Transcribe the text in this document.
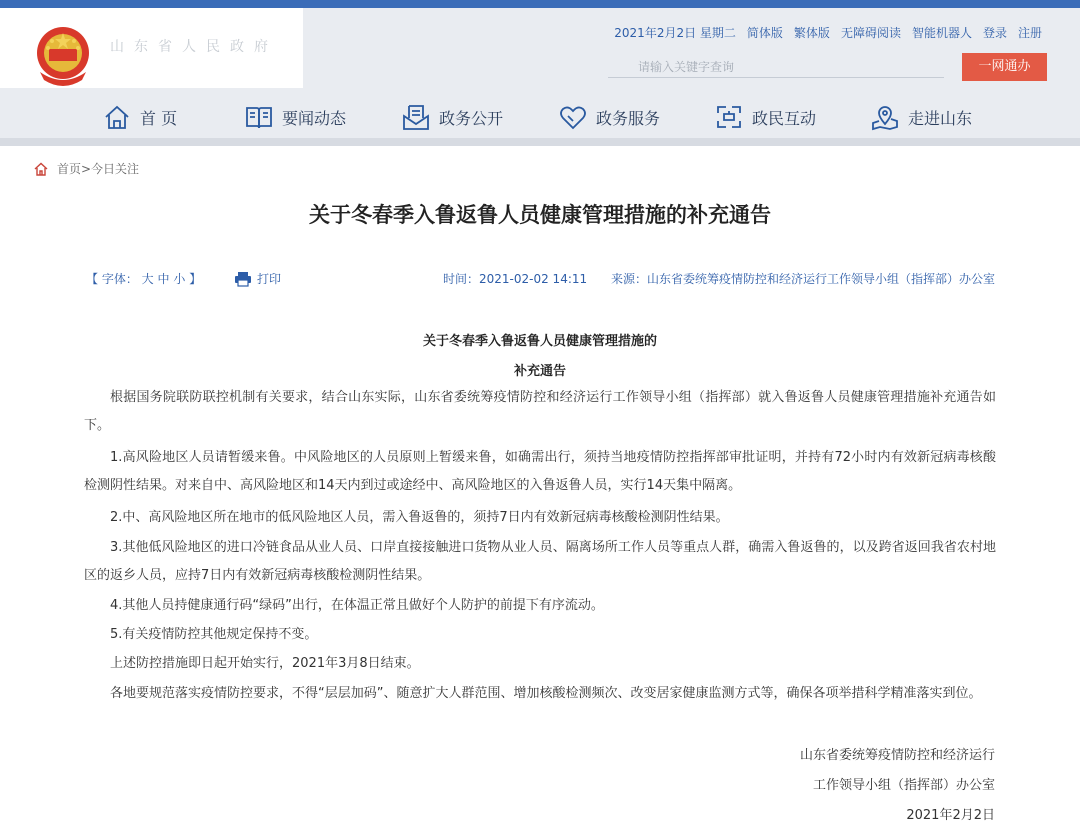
山东省人民政府
2021年2月2日 星期二 简体版 繁体版 无障碍阅读 智能机器人 登录 注册
请输入关键字查询
一网通办
首 页	要闻动态	政务公开	政务服务	政民互动	走进山东
首页>今日关注
关于冬春季入鲁返鲁人员健康管理措施的补充通告
【 字体： 大 中 小 】	打印	时间：2021-02-02 14:11 来源：山东省委统筹疫情防控和经济运行工作领导小组（指挥部）办公室
关于冬春季入鲁返鲁人员健康管理措施的
补充通告

根据国务院联防联控机制有关要求，结合山东实际，山东省委统筹疫情防控和经济运行工作领导小组（指挥部）就入鲁返鲁人员健康管理措施补充通告如下。

1.高风险地区人员请暂缓来鲁。中风险地区的人员原则上暂缓来鲁，如确需出行，须持当地疫情防控指挥部审批证明，并持有72小时内有效新冠病毒核酸检测阴性结果。对来自中、高风险地区和14天内到过或途经中、高风险地区的入鲁返鲁人员，实行14天集中隔离。

2.中、高风险地区所在地市的低风险地区人员，需入鲁返鲁的，须持7日内有效新冠病毒核酸检测阴性结果。

3.其他低风险地区的进口冷链食品从业人员、口岸直接接触进口货物从业人员、隔离场所工作人员等重点人群，确需入鲁返鲁的，以及跨省返回我省农村地区的返乡人员，应持7日内有效新冠病毒核酸检测阴性结果。

4.其他人员持健康通行码“绿码”出行，在体温正常且做好个人防护的前提下有序流动。

5.有关疫情防控其他规定保持不变。

上述防控措施即日起开始实行，2021年3月8日结束。

各地要规范落实疫情防控要求，不得“层层加码”、随意扩大人群范围、增加核酸检测频次、改变居家健康监测方式等，确保各项举措科学精准落实到位。

山东省委统筹疫情防控和经济运行
工作领导小组（指挥部）办公室
2021年2月2日
